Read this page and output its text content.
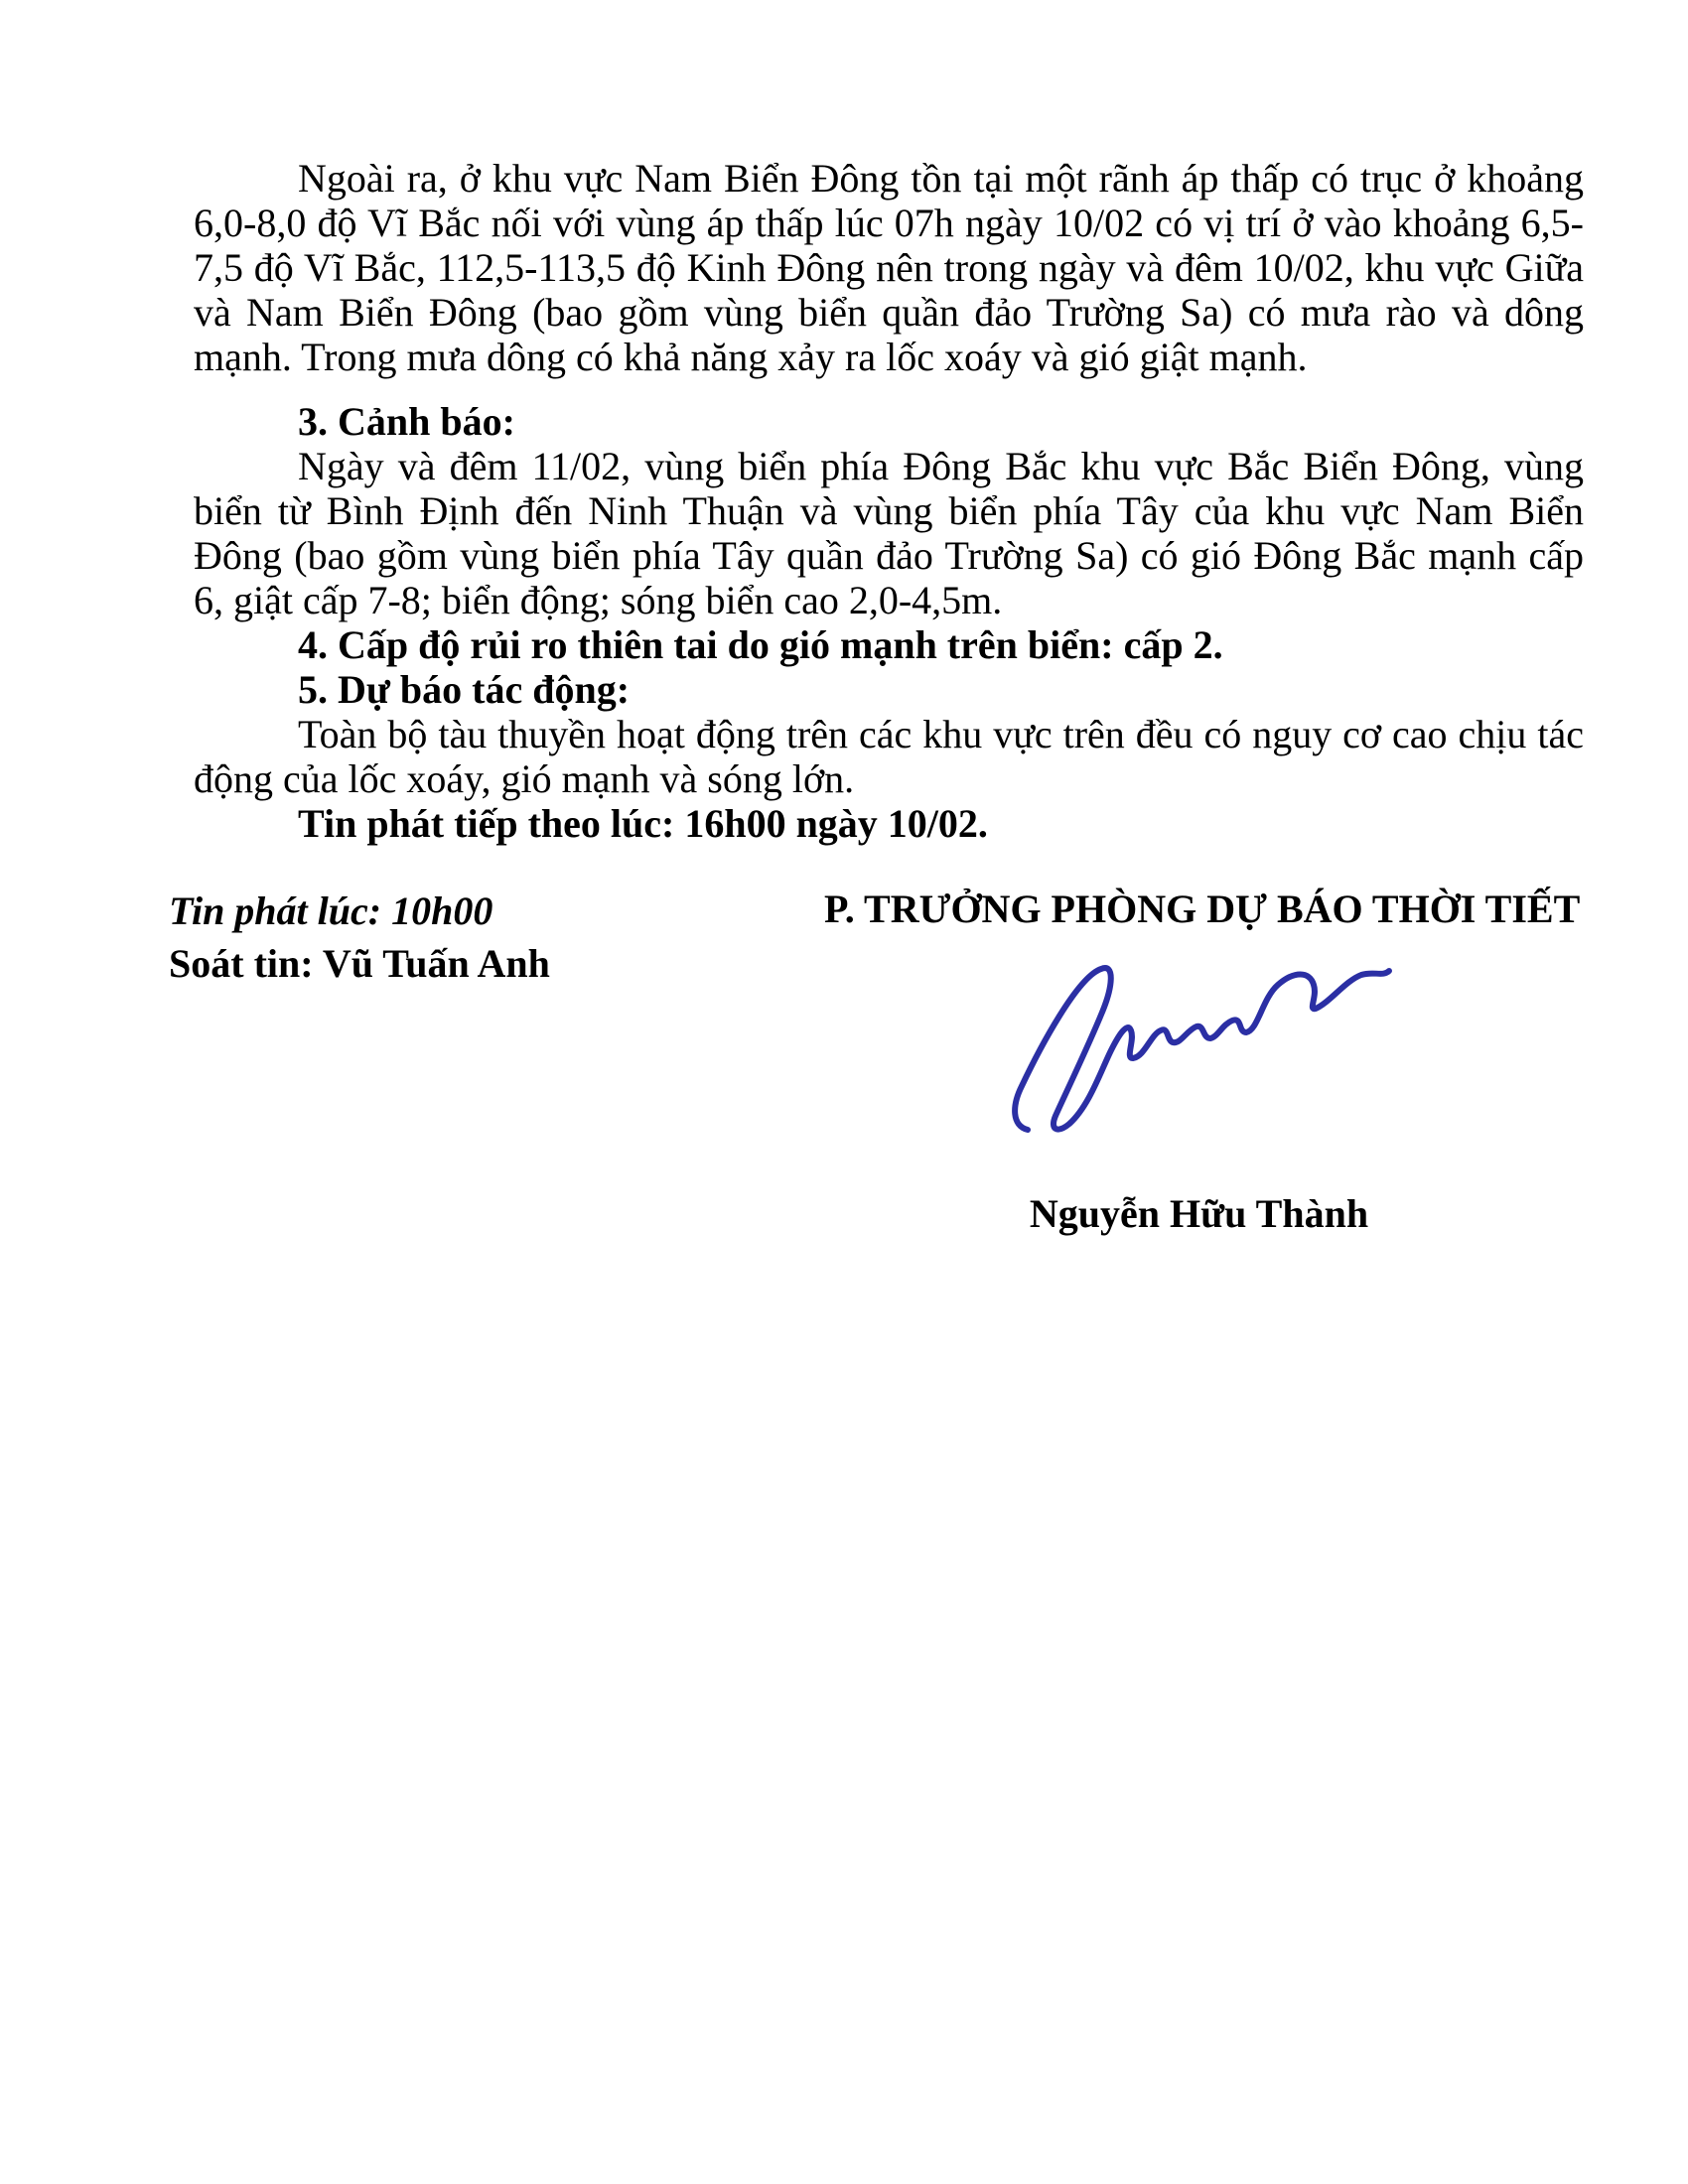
Ngoài ra, ở khu vực Nam Biển Đông tồn tại một rãnh áp thấp có trục ở khoảng 6,0-8,0 độ Vĩ Bắc nối với vùng áp thấp lúc 07h ngày 10/02 có vị trí ở vào khoảng 6,5-7,5 độ Vĩ Bắc, 112,5-113,5 độ Kinh Đông nên trong ngày và đêm 10/02, khu vực Giữa và Nam Biển Đông (bao gồm vùng biển quần đảo Trường Sa) có mưa rào và dông mạnh. Trong mưa dông có khả năng xảy ra lốc xoáy và gió giật mạnh.

3. Cảnh báo:

Ngày và đêm 11/02, vùng biển phía Đông Bắc khu vực Bắc Biển Đông, vùng biển từ Bình Định đến Ninh Thuận và vùng biển phía Tây của khu vực Nam Biển Đông (bao gồm vùng biển phía Tây quần đảo Trường Sa) có gió Đông Bắc mạnh cấp 6, giật cấp 7-8; biển động; sóng biển cao 2,0-4,5m.

4. Cấp độ rủi ro thiên tai do gió mạnh trên biển: cấp 2.

5. Dự báo tác động:

Toàn bộ tàu thuyền hoạt động trên các khu vực trên đều có nguy cơ cao chịu tác động của lốc xoáy, gió mạnh và sóng lớn.

Tin phát tiếp theo lúc: 16h00 ngày 10/02.

Tin phát lúc: 10h00

Soát tin: Vũ Tuấn Anh

P. TRƯỞNG PHÒNG DỰ BÁO THỜI TIẾT

Nguyễn Hữu Thành
